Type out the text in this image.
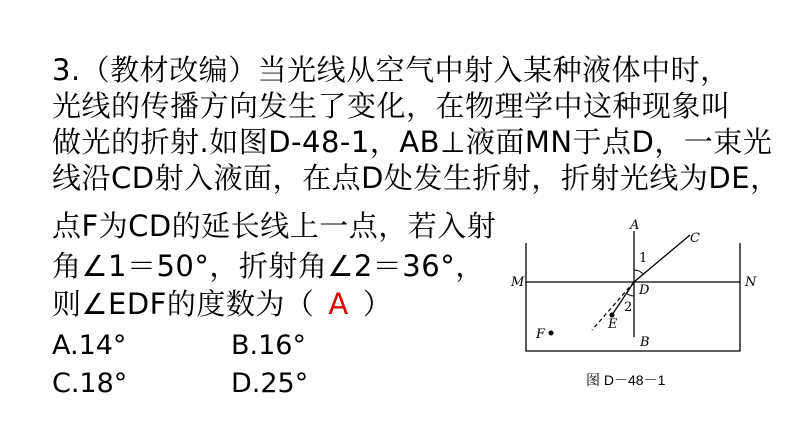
3.（教材改编）当光线从空气中射入某种液体中时，
光线的传播方向发生了变化，在物理学中这种现象叫
做光的折射.如图D-48-1，AB⊥液面MN于点D，一束光
线沿CD射入液面，在点D处发生折射，折射光线为DE，
点F为CD的延长线上一点，若入射
角∠1＝50°，折射角∠2＝36°，
则∠EDF的度数为（ A ）
A.14°	B.16°
C.18°	D.25°
A
B
C
D
E
F
M	N
1
2
图 D－48－1
